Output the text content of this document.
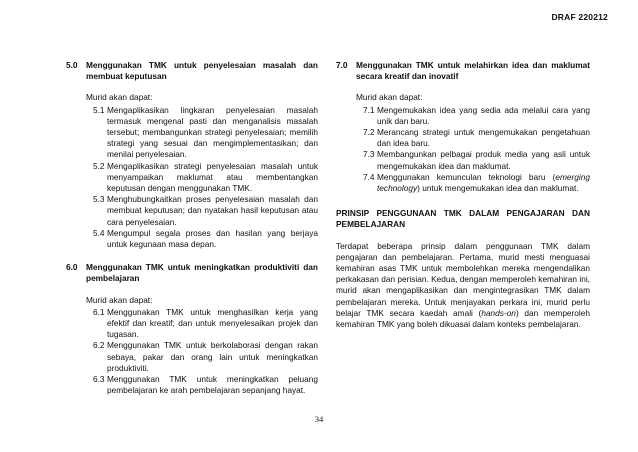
DRAF 220212
5.0	Menggunakan TMK untuk penyelesaian masalah dan membuat keputusan
Murid akan dapat:
5.1 Mengaplikasikan lingkaran penyelesaian masalah termasuk mengenal pasti dan menganalisis masalah tersebut; membangunkan strategi penyelesaian; memilih strategi yang sesuai dan mengimplementasikan; dan menilai penyelesaian.
5.2 Mengaplikasikan strategi penyelesaian masalah untuk menyampaikan maklumat atau membentangkan keputusan dengan menggunakan TMK.
5.3 Menghubungkaitkan proses penyelesaian masalah dan membuat keputusan; dan nyatakan hasil keputusan atau cara penyelesaian.
5.4 Mengumpul segala proses dan hasilan yang berjaya untuk kegunaan masa depan.
6.0	Menggunakan TMK untuk meningkatkan produktiviti dan pembelajaran
Murid akan dapat:
6.1 Menggunakan TMK untuk menghasilkan kerja yang efektif dan kreatif; dan untuk menyelesaikan projek dan tugasan.
6.2 Menggunakan TMK untuk berkolaborasi dengan rakan sebaya, pakar dan orang lain untuk meningkatkan produktiviti.
6.3 Menggunakan TMK untuk meningkatkan peluang pembelajaran ke arah pembelajaran sepanjang hayat.
7.0	Menggunakan TMK untuk melahirkan idea dan maklumat secara kreatif dan inovatif
Murid akan dapat:
7.1 Mengemukakan idea yang sedia ada melalui cara yang unik dan baru.
7.2 Merancang strategi untuk mengemukakan pengetahuan dan idea baru.
7.3 Membangunkan pelbagai produk media yang asli untuk mengemukakan idea dan maklumat.
7.4 Menggunakan kemunculan teknologi baru (emerging technology) untuk mengemukakan idea dan maklumat.
PRINSIP PENGGUNAAN TMK DALAM PENGAJARAN DAN PEMBELAJARAN
Terdapat beberapa prinsip dalam penggunaan TMK dalam pengajaran dan pembelajaran. Pertama, murid mesti menguasai kemahiran asas TMK untuk membolehkan mereka mengendalikan perkakasan dan perisian. Kedua, dengan memperoleh kemahiran ini, murid akan mengaplikasikan dan mengintegrasikan TMK dalam pembelajaran mereka. Untuk menjayakan perkara ini, murid perlu belajar TMK secara kaedah amali (hands-on) dan memperoleh kemahiran TMK yang boleh dikuasai dalam konteks pembelajaran.
34
